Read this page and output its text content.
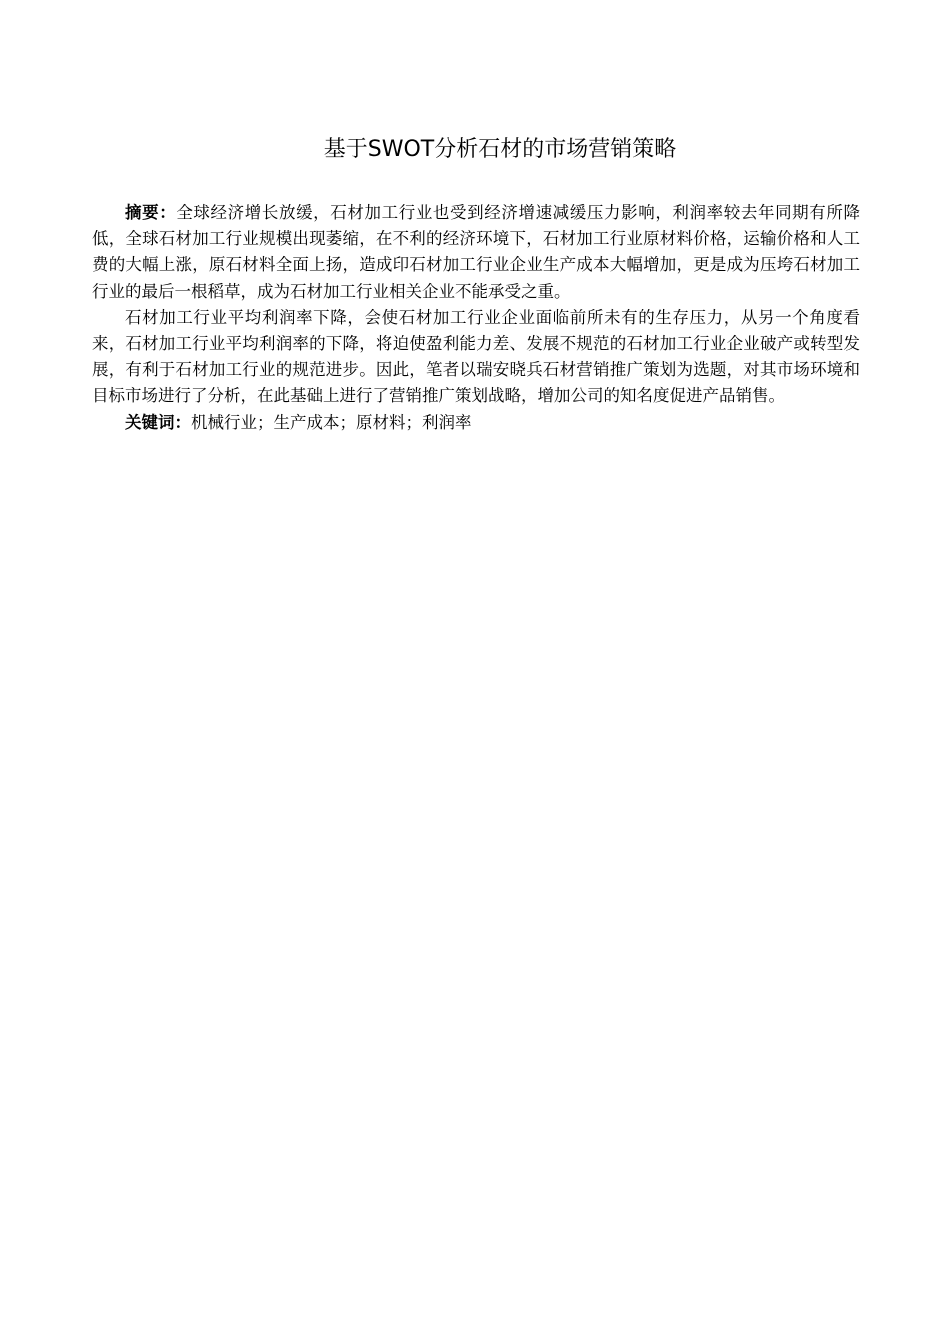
基于SWOT分析石材的市场营销策略

摘要：全球经济增长放缓，石材加工行业也受到经济增速减缓压力影响，利润率较去年同期有所降低，全球石材加工行业规模出现萎缩，在不利的经济环境下，石材加工行业原材料价格，运输价格和人工费的大幅上涨，原石材料全面上扬，造成印石材加工行业企业生产成本大幅增加，更是成为压垮石材加工行业的最后一根稻草，成为石材加工行业相关企业不能承受之重。

石材加工行业平均利润率下降，会使石材加工行业企业面临前所未有的生存压力，从另一个角度看来，石材加工行业平均利润率的下降，将迫使盈利能力差、发展不规范的石材加工行业企业破产或转型发展，有利于石材加工行业的规范进步。因此，笔者以瑞安晓兵石材营销推广策划为选题，对其市场环境和目标市场进行了分析，在此基础上进行了营销推广策划战略，增加公司的知名度促进产品销售。

关键词：机械行业；生产成本；原材料；利润率
